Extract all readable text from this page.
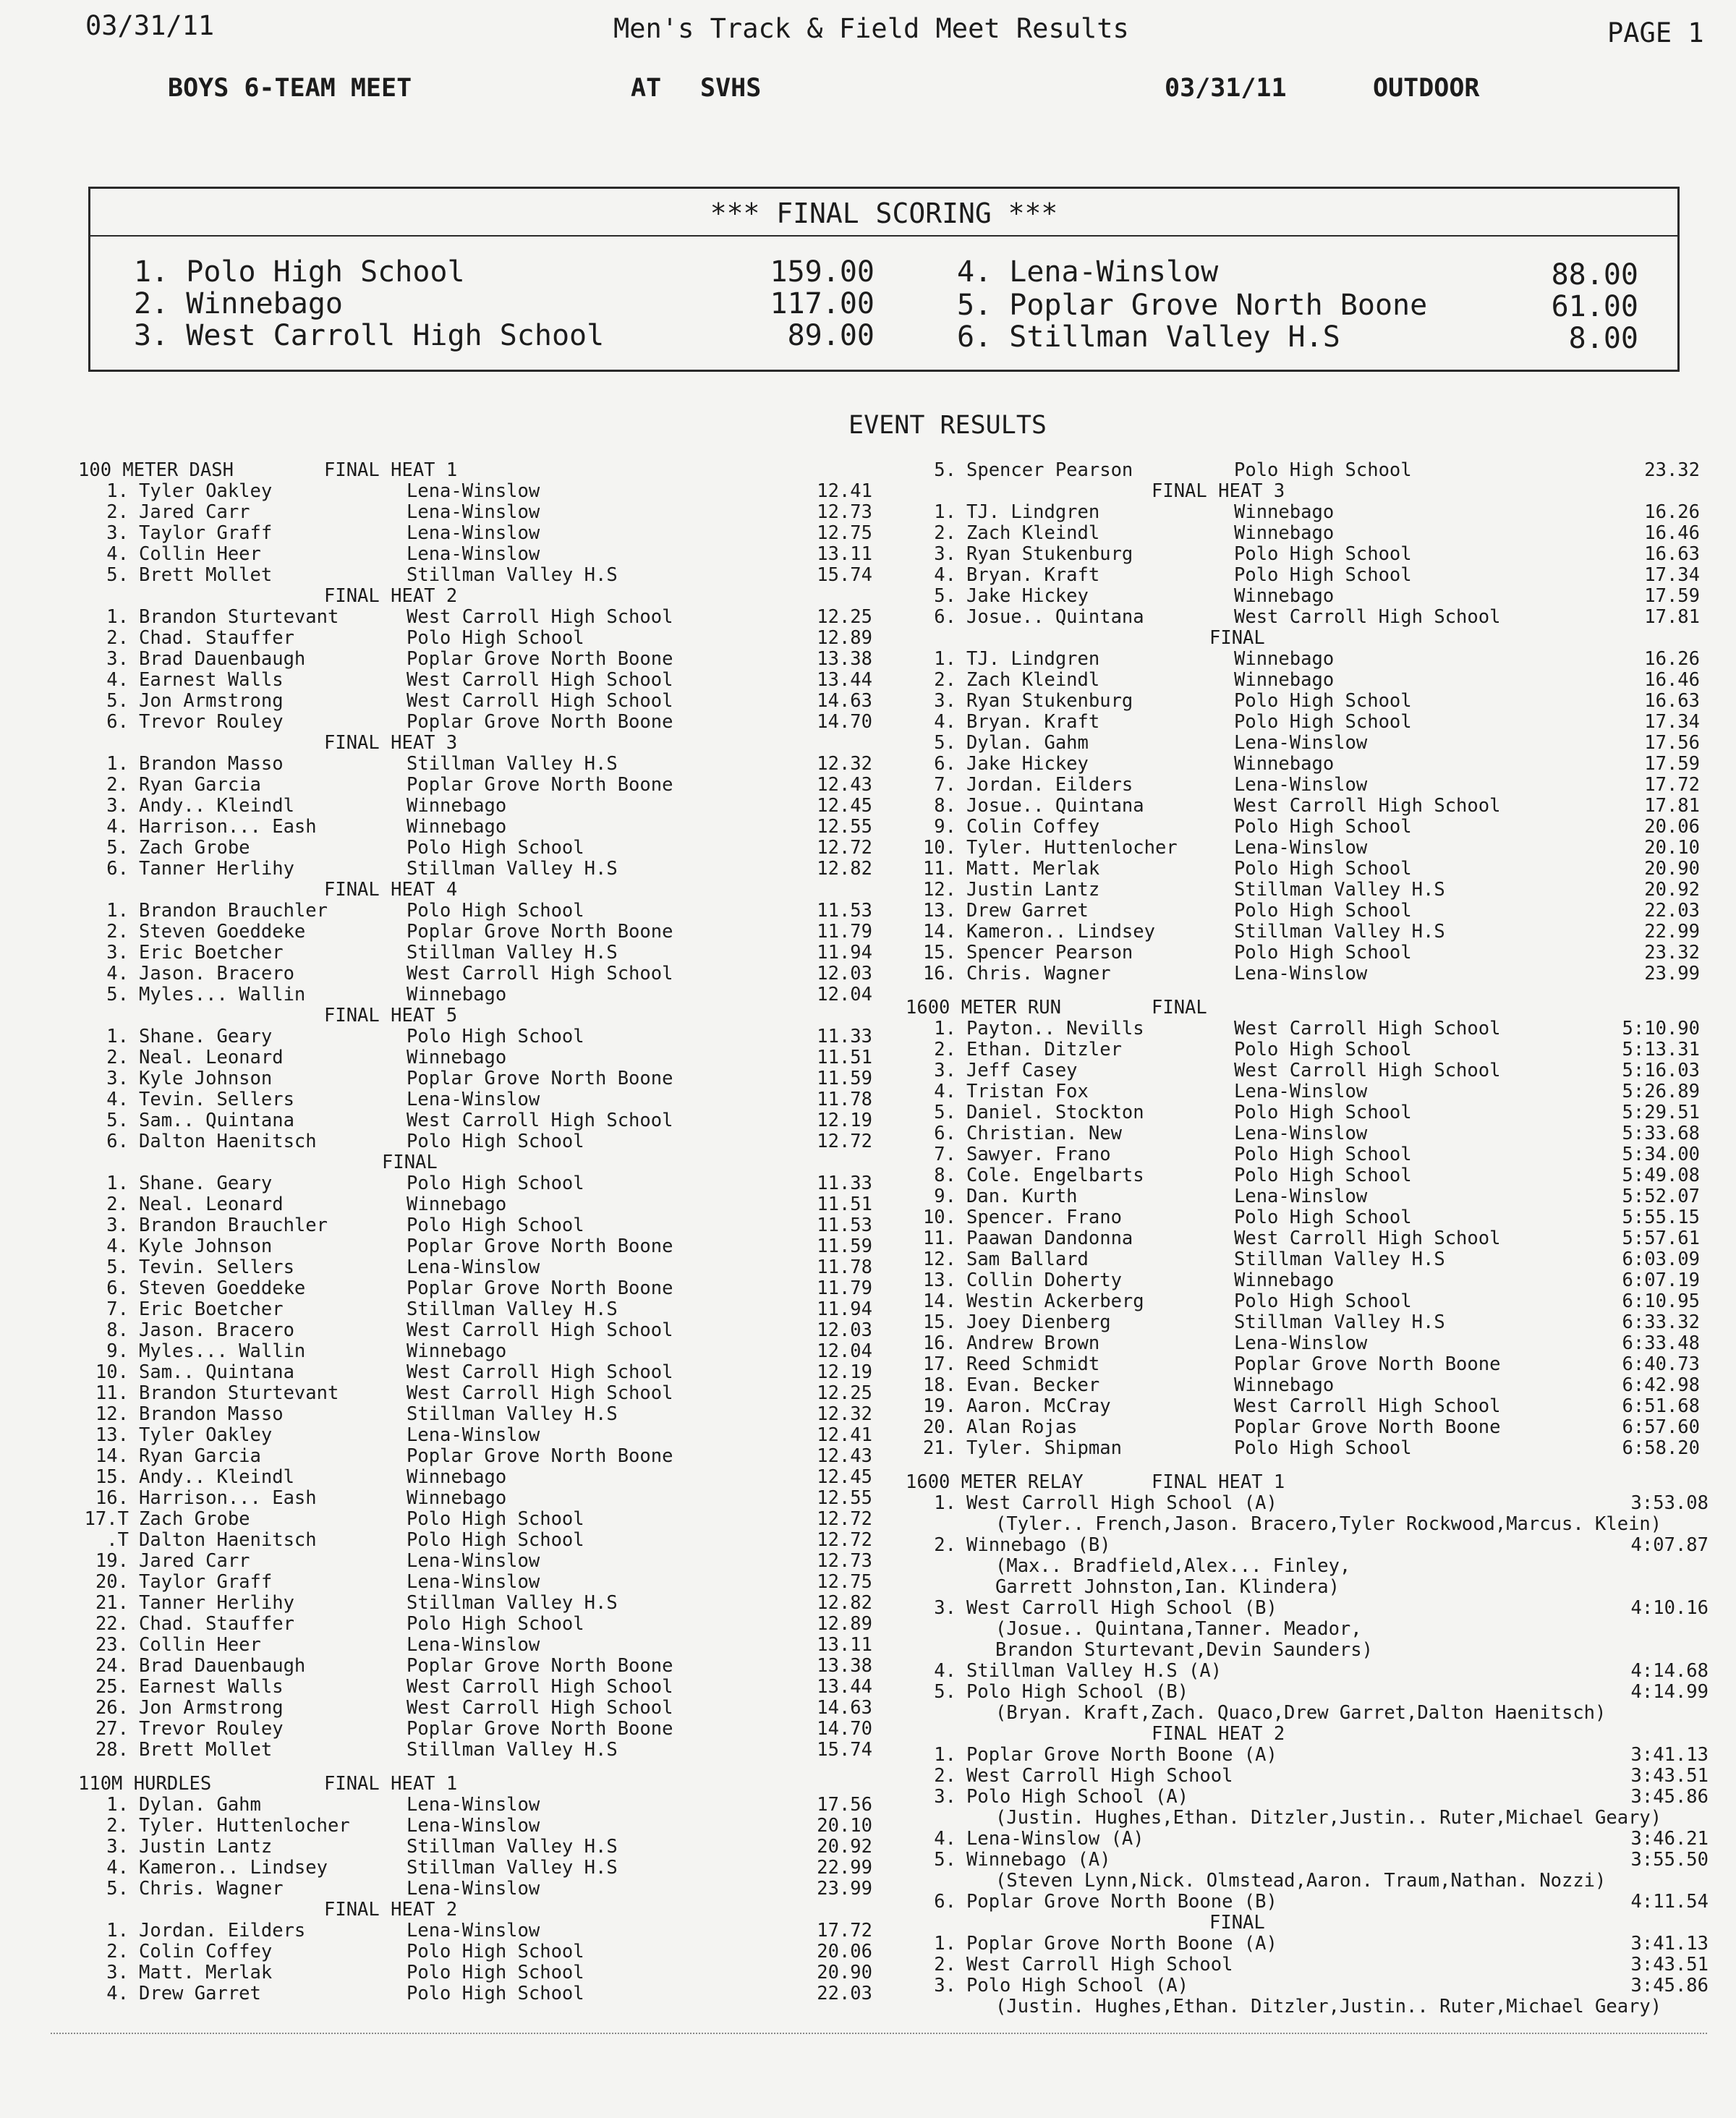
03/31/11	Men's Track & Field Meet Results	PAGE 1
BOYS 6-TEAM MEET	AT SVHS	03/31/11	OUTDOOR
*** FINAL SCORING ***
1. Polo High School	159.00
2. Winnebago	117.00
3. West Carroll High School	89.00
4. Lena-Winslow	88.00
5. Poplar Grove North Boone	61.00
6. Stillman Valley H.S	8.00
EVENT RESULTS
100 METER DASH	FINAL HEAT 1
1. Tyler Oakley	Lena-Winslow	12.41
2. Jared Carr	Lena-Winslow	12.73
3. Taylor Graff	Lena-Winslow	12.75
4. Collin Heer	Lena-Winslow	13.11
5. Brett Mollet	Stillman Valley H.S	15.74
FINAL HEAT 2
1. Brandon Sturtevant	West Carroll High School	12.25
2. Chad. Stauffer	Polo High School	12.89
3. Brad Dauenbaugh	Poplar Grove North Boone	13.38
4. Earnest Walls	West Carroll High School	13.44
5. Jon Armstrong	West Carroll High School	14.63
6. Trevor Rouley	Poplar Grove North Boone	14.70
FINAL HEAT 3
1. Brandon Masso	Stillman Valley H.S	12.32
2. Ryan Garcia	Poplar Grove North Boone	12.43
3. Andy.. Kleindl	Winnebago	12.45
4. Harrison... Eash	Winnebago	12.55
5. Zach Grobe	Polo High School	12.72
6. Tanner Herlihy	Stillman Valley H.S	12.82
FINAL HEAT 4
1. Brandon Brauchler	Polo High School	11.53
2. Steven Goeddeke	Poplar Grove North Boone	11.79
3. Eric Boetcher	Stillman Valley H.S	11.94
4. Jason. Bracero	West Carroll High School	12.03
5. Myles... Wallin	Winnebago	12.04
FINAL HEAT 5
1. Shane. Geary	Polo High School	11.33
2. Neal. Leonard	Winnebago	11.51
3. Kyle Johnson	Poplar Grove North Boone	11.59
4. Tevin. Sellers	Lena-Winslow	11.78
5. Sam.. Quintana	West Carroll High School	12.19
6. Dalton Haenitsch	Polo High School	12.72
FINAL
1. Shane. Geary	Polo High School	11.33
2. Neal. Leonard	Winnebago	11.51
3. Brandon Brauchler	Polo High School	11.53
4. Kyle Johnson	Poplar Grove North Boone	11.59
5. Tevin. Sellers	Lena-Winslow	11.78
6. Steven Goeddeke	Poplar Grove North Boone	11.79
7. Eric Boetcher	Stillman Valley H.S	11.94
8. Jason. Bracero	West Carroll High School	12.03
9. Myles... Wallin	Winnebago	12.04
10. Sam.. Quintana	West Carroll High School	12.19
11. Brandon Sturtevant	West Carroll High School	12.25
12. Brandon Masso	Stillman Valley H.S	12.32
13. Tyler Oakley	Lena-Winslow	12.41
14. Ryan Garcia	Poplar Grove North Boone	12.43
15. Andy.. Kleindl	Winnebago	12.45
16. Harrison... Eash	Winnebago	12.55
17.T Zach Grobe	Polo High School	12.72
.T Dalton Haenitsch	Polo High School	12.72
19. Jared Carr	Lena-Winslow	12.73
20. Taylor Graff	Lena-Winslow	12.75
21. Tanner Herlihy	Stillman Valley H.S	12.82
22. Chad. Stauffer	Polo High School	12.89
23. Collin Heer	Lena-Winslow	13.11
24. Brad Dauenbaugh	Poplar Grove North Boone	13.38
25. Earnest Walls	West Carroll High School	13.44
26. Jon Armstrong	West Carroll High School	14.63
27. Trevor Rouley	Poplar Grove North Boone	14.70
28. Brett Mollet	Stillman Valley H.S	15.74
110M HURDLES	FINAL HEAT 1
1. Dylan. Gahm	Lena-Winslow	17.56
2. Tyler. Huttenlocher	Lena-Winslow	20.10
3. Justin Lantz	Stillman Valley H.S	20.92
4. Kameron.. Lindsey	Stillman Valley H.S	22.99
5. Chris. Wagner	Lena-Winslow	23.99
FINAL HEAT 2
1. Jordan. Eilders	Lena-Winslow	17.72
2. Colin Coffey	Polo High School	20.06
3. Matt. Merlak	Polo High School	20.90
4. Drew Garret	Polo High School	22.03
5. Spencer Pearson	Polo High School	23.32
FINAL HEAT 3
1. TJ. Lindgren	Winnebago	16.26
2. Zach Kleindl	Winnebago	16.46
3. Ryan Stukenburg	Polo High School	16.63
4. Bryan. Kraft	Polo High School	17.34
5. Jake Hickey	Winnebago	17.59
6. Josue.. Quintana	West Carroll High School	17.81
FINAL
1. TJ. Lindgren	Winnebago	16.26
2. Zach Kleindl	Winnebago	16.46
3. Ryan Stukenburg	Polo High School	16.63
4. Bryan. Kraft	Polo High School	17.34
5. Dylan. Gahm	Lena-Winslow	17.56
6. Jake Hickey	Winnebago	17.59
7. Jordan. Eilders	Lena-Winslow	17.72
8. Josue.. Quintana	West Carroll High School	17.81
9. Colin Coffey	Polo High School	20.06
10. Tyler. Huttenlocher	Lena-Winslow	20.10
11. Matt. Merlak	Polo High School	20.90
12. Justin Lantz	Stillman Valley H.S	20.92
13. Drew Garret	Polo High School	22.03
14. Kameron.. Lindsey	Stillman Valley H.S	22.99
15. Spencer Pearson	Polo High School	23.32
16. Chris. Wagner	Lena-Winslow	23.99
1600 METER RUN	FINAL
1. Payton.. Nevills	West Carroll High School	5:10.90
2. Ethan. Ditzler	Polo High School	5:13.31
3. Jeff Casey	West Carroll High School	5:16.03
4. Tristan Fox	Lena-Winslow	5:26.89
5. Daniel. Stockton	Polo High School	5:29.51
6. Christian. New	Lena-Winslow	5:33.68
7. Sawyer. Frano	Polo High School	5:34.00
8. Cole. Engelbarts	Polo High School	5:49.08
9. Dan. Kurth	Lena-Winslow	5:52.07
10. Spencer. Frano	Polo High School	5:55.15
11. Paawan Dandonna	West Carroll High School	5:57.61
12. Sam Ballard	Stillman Valley H.S	6:03.09
13. Collin Doherty	Winnebago	6:07.19
14. Westin Ackerberg	Polo High School	6:10.95
15. Joey Dienberg	Stillman Valley H.S	6:33.32
16. Andrew Brown	Lena-Winslow	6:33.48
17. Reed Schmidt	Poplar Grove North Boone	6:40.73
18. Evan. Becker	Winnebago	6:42.98
19. Aaron. McCray	West Carroll High School	6:51.68
20. Alan Rojas	Poplar Grove North Boone	6:57.60
21. Tyler. Shipman	Polo High School	6:58.20
1600 METER RELAY	FINAL HEAT 1
1. West Carroll High School (A)	3:53.08
(Tyler.. French,Jason. Bracero,Tyler Rockwood,Marcus. Klein)
2. Winnebago (B)	4:07.87
(Max.. Bradfield,Alex... Finley,
Garrett Johnston,Ian. Klindera)
3. West Carroll High School (B)	4:10.16
(Josue.. Quintana,Tanner. Meador,
Brandon Sturtevant,Devin Saunders)
4. Stillman Valley H.S (A)	4:14.68
5. Polo High School (B)	4:14.99
(Bryan. Kraft,Zach. Quaco,Drew Garret,Dalton Haenitsch)
FINAL HEAT 2
1. Poplar Grove North Boone (A)	3:41.13
2. West Carroll High School	3:43.51
3. Polo High School (A)	3:45.86
(Justin. Hughes,Ethan. Ditzler,Justin.. Ruter,Michael Geary)
4. Lena-Winslow (A)	3:46.21
5. Winnebago (A)	3:55.50
(Steven Lynn,Nick. Olmstead,Aaron. Traum,Nathan. Nozzi)
6. Poplar Grove North Boone (B)	4:11.54
FINAL
1. Poplar Grove North Boone (A)	3:41.13
2. West Carroll High School	3:43.51
3. Polo High School (A)	3:45.86
(Justin. Hughes,Ethan. Ditzler,Justin.. Ruter,Michael Geary)
